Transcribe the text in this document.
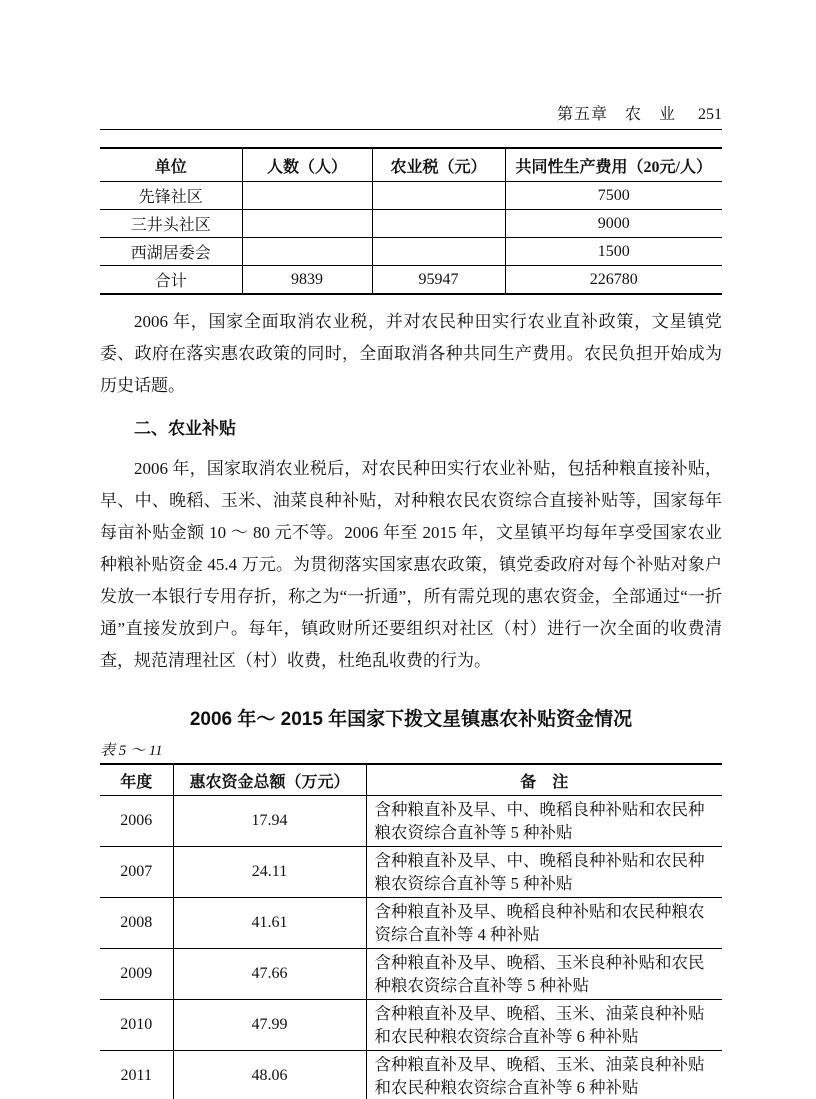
第五章　农　业 251
单位	人数（人）	农业税（元）	共同性生产费用（20元/人）
先锋社区			7500
三井头社区			9000
西湖居委会			1500
合计	9839	95947	226780

2006 年，国家全面取消农业税，并对农民种田实行农业直补政策，文星镇党委、政府在落实惠农政策的同时，全面取消各种共同生产费用。农民负担开始成为历史话题。

二、农业补贴

2006 年，国家取消农业税后，对农民种田实行农业补贴，包括种粮直接补贴，早、中、晚稻、玉米、油菜良种补贴，对种粮农民农资综合直接补贴等，国家每年每亩补贴金额 10 ～ 80 元不等。2006 年至 2015 年，文星镇平均每年享受国家农业种粮补贴资金 45.4 万元。为贯彻落实国家惠农政策，镇党委政府对每个补贴对象户发放一本银行专用存折，称之为“一折通”，所有需兑现的惠农资金，全部通过“一折通”直接发放到户。每年，镇政财所还要组织对社区（村）进行一次全面的收费清查，规范清理社区（村）收费，杜绝乱收费的行为。

2006 年～ 2015 年国家下拨文星镇惠农补贴资金情况
表 5 ～ 11
年度	惠农资金总额（万元）	备　注
2006	17.94	含种粮直补及早、中、晚稻良种补贴和农民种粮农资综合直补等 5 种补贴
2007	24.11	含种粮直补及早、中、晚稻良种补贴和农民种粮农资综合直补等 5 种补贴
2008	41.61	含种粮直补及早、晚稻良种补贴和农民种粮农资综合直补等 4 种补贴
2009	47.66	含种粮直补及早、晚稻、玉米良种补贴和农民种粮农资综合直补等 5 种补贴
2010	47.99	含种粮直补及早、晚稻、玉米、油菜良种补贴和农民种粮农资综合直补等 6 种补贴
2011	48.06	含种粮直补及早、晚稻、玉米、油菜良种补贴和农民种粮农资综合直补等 6 种补贴
